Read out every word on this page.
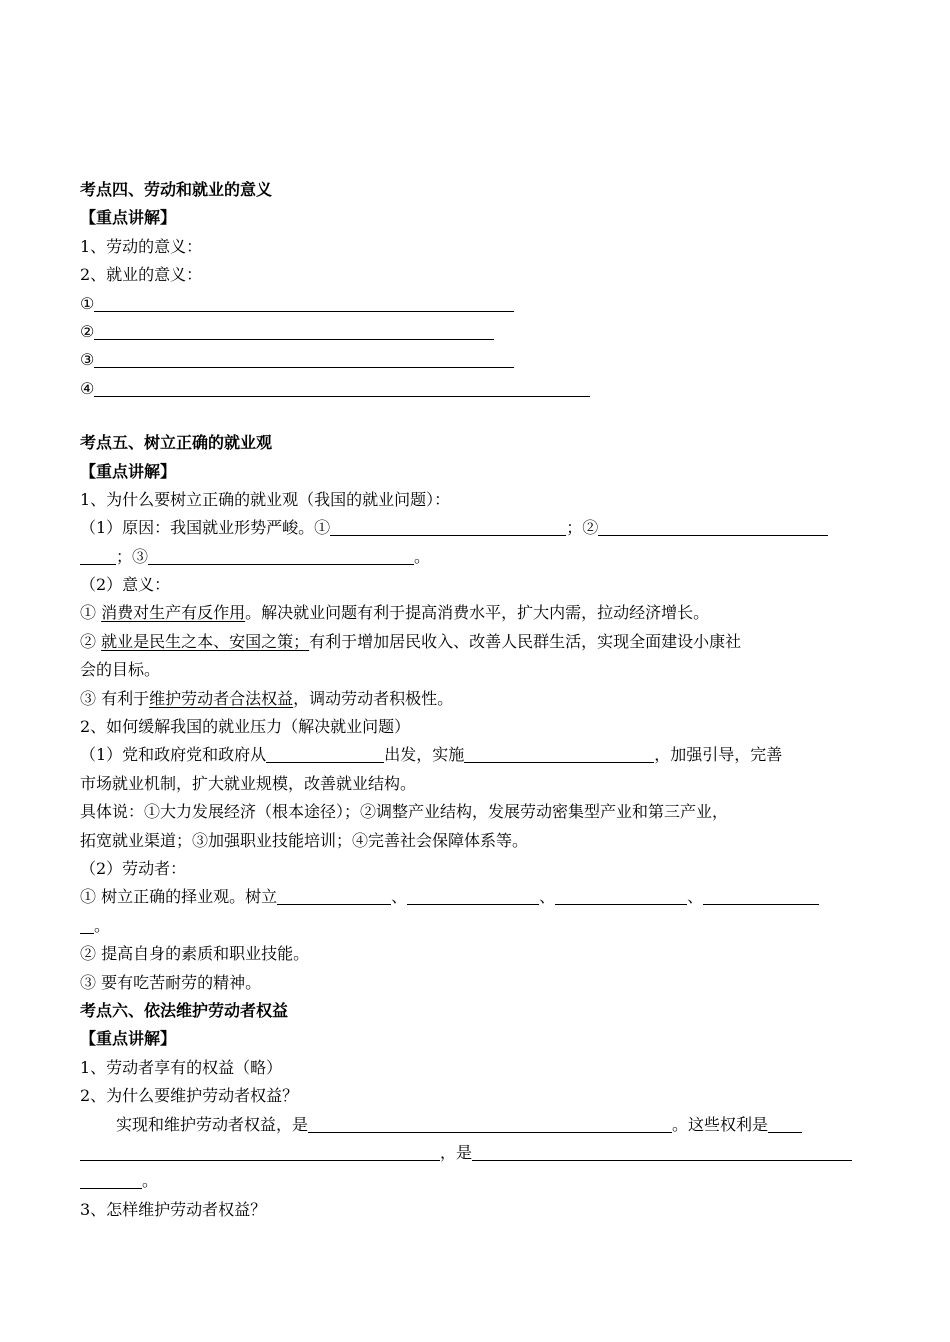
考点四、劳动和就业的意义
【重点讲解】
1、劳动的意义：
2、就业的意义：
①
②
③
④
考点五、树立正确的就业观
【重点讲解】
1、为什么要树立正确的就业观（我国的就业问题）：
（1）原因：我国就业形势严峻。①	；②
；③	。
（2）意义：
① 消费对生产有反作用。解决就业问题有利于提高消费水平，扩大内需，拉动经济增长。
② 就业是民生之本、安国之策；有利于增加居民收入、改善人民群生活，实现全面建设小康社
会的目标。
③ 有利于维护劳动者合法权益，调动劳动者积极性。
2、如何缓解我国的就业压力（解决就业问题）
（1）党和政府党和政府从	出发，实施	，加强引导，完善
市场就业机制，扩大就业规模，改善就业结构。
具体说：①大力发展经济（根本途径）；②调整产业结构，发展劳动密集型产业和第三产业，
拓宽就业渠道；③加强职业技能培训；④完善社会保障体系等。
（2）劳动者：
① 树立正确的择业观。树立	、	、	、
。
② 提高自身的素质和职业技能。
③ 要有吃苦耐劳的精神。
考点六、依法维护劳动者权益
【重点讲解】
1、劳动者享有的权益（略）
2、为什么要维护劳动者权益？
实现和维护劳动者权益，是	。这些权利是
，是
。
3、怎样维护劳动者权益？
